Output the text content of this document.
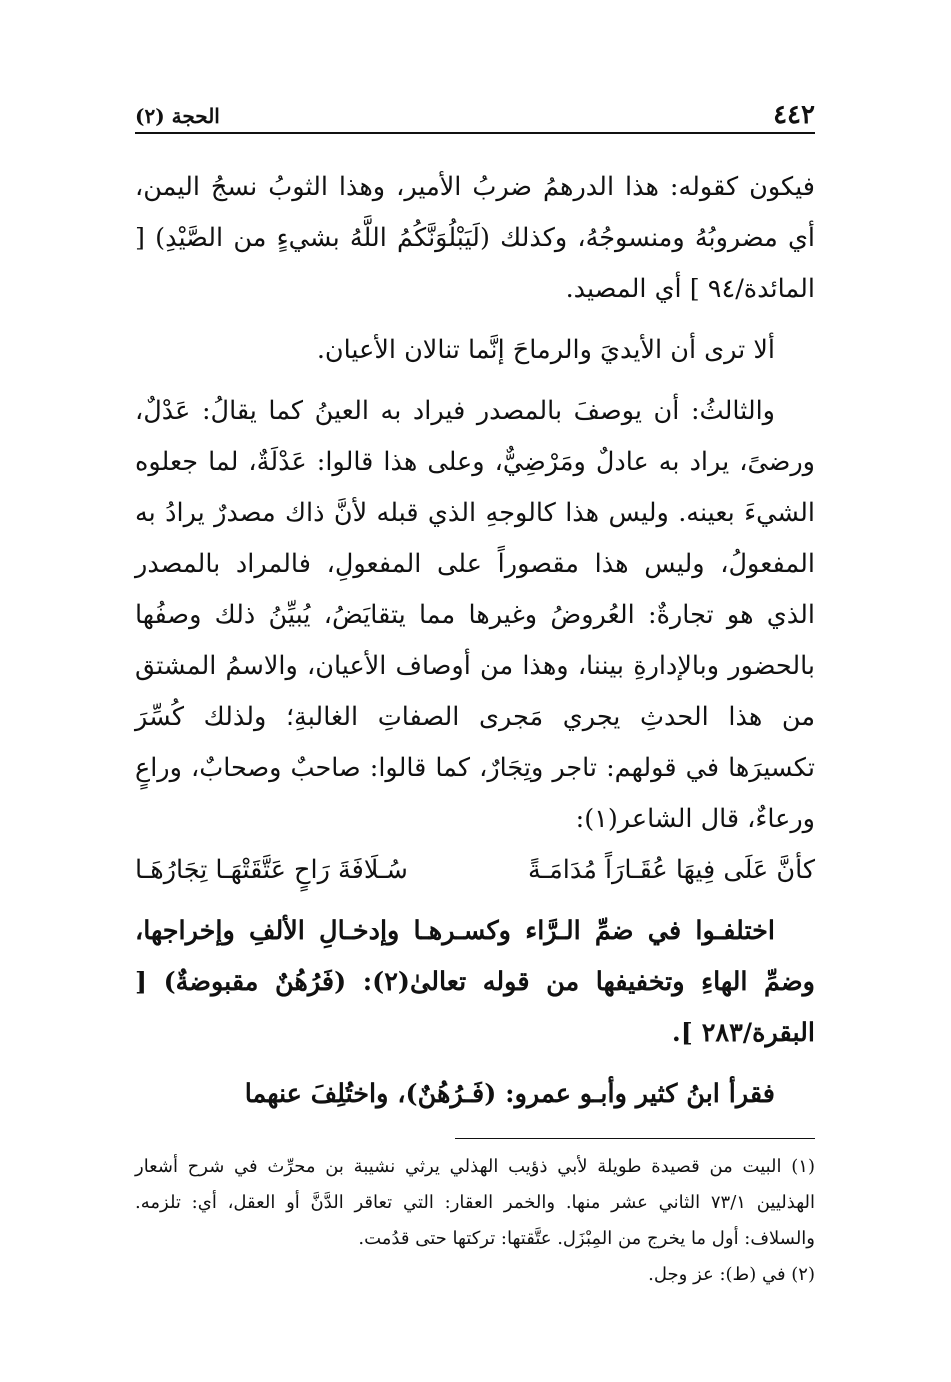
٤٤٢
الحجة (٢)

فيكون كقوله: هذا الدرهمُ ضربُ الأمير، وهذا الثوبُ نسجُ اليمن، أي مضروبُهُ ومنسوجُهُ، وكذلك (لَيَبْلُوَنَّكُمُ اللَّهُ بشيءٍ من الصَّيْدِ) [ المائدة/٩٤ ] أي المصيد.

ألا ترى أن الأيديَ والرماحَ إنَّما تنالان الأعيان.

والثالثُ: أن يوصفَ بالمصدر فيراد به العينُ كما يقالُ: عَدْلٌ، ورضىً، يراد به عادلٌ ومَرْضِيٌّ، وعلى هذا قالوا: عَدْلَةٌ، لما جعلوه الشيءَ بعينه. وليس هذا كالوجهِ الذي قبله لأنَّ ذاك مصدرٌ يرادُ به المفعولُ، وليس هذا مقصوراً على المفعولِ، فالمراد بالمصدر الذي هو تجارةٌ: العُروضُ وغيرها مما يتقايَضُ، يُبيِّنُ ذلك وصفُها بالحضور وبالإدارةِ بيننا، وهذا من أوصاف الأعيان، والاسمُ المشتق من هذا الحدثِ يجري مَجرى الصفاتِ الغالبةِ؛ ولذلك كُسِّرَ تكسيرَها في قولهم: تاجر وتِجَارٌ، كما قالوا: صاحبٌ وصحابٌ، وراعٍ ورعاءٌ، قال الشاعر(١):

كأنَّ عَلَى فِيهَا عُقَـارَاً مُدَامَـةً
سُـلَافَةَ رَاحٍ عَتَّقَتْهَـا تِجَارُهَـا

اختلفـوا في ضمِّ الـرَّاء وكسـرهـا وإدخـالِ الألفِ وإخراجها، وضمِّ الهاءِ وتخفيفها من قوله تعالىٰ(٢): (فَرُهُنٌ مقبوضةٌ) [ البقرة/٢٨٣ ].

فقرأ ابنُ كثير وأبـو عمرو: (فَـرُهُنٌ)، واختُلِفَ عنهما

(١) البيت من قصيدة طويلة لأبي ذؤيب الهذلي يرثي نشيبة بن محرِّث في شرح أشعار الهذليين ٧٣/١ الثاني عشر منها. والخمر العقار: التي تعاقر الدَّنَّ أو العقل، أي: تلزمه. والسلاف: أول ما يخرج من المِبْزَل. عتَّقتها: تركتها حتى قدُمت.

(٢) في (ط): عز وجل.
